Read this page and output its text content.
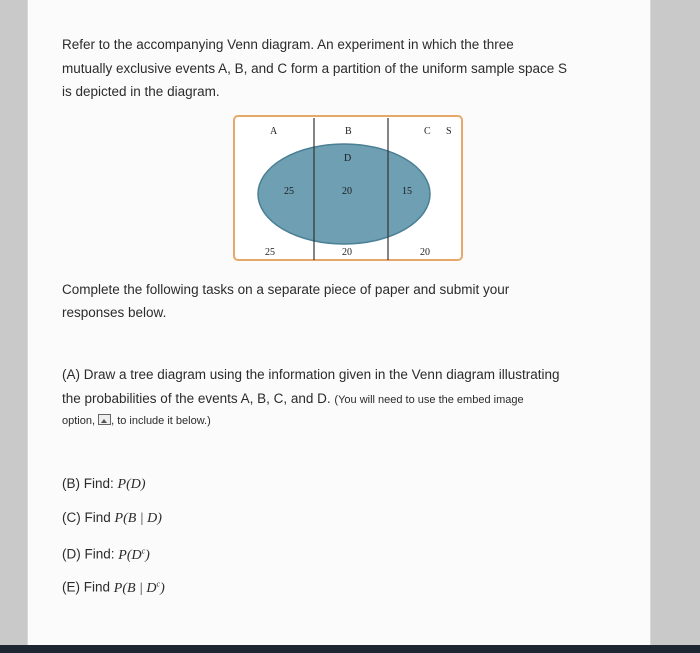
Refer to the accompanying Venn diagram. An experiment in which the three
mutually exclusive events A, B, and C form a partition of the uniform sample space S
is depicted in the diagram.
A	B	C S
D
25	20	15
25	20	20
Complete the following tasks on a separate piece of paper and submit your
responses below.
(A) Draw a tree diagram using the information given in the Venn diagram illustrating
the probabilities of the events A, B, C, and D. (You will need to use the embed image
option, , to include it below.)
(B) Find: P(D)
(C) Find P(B | D)
(D) Find: $P(D^c)$
(E) Find P(B | $D^c$)
